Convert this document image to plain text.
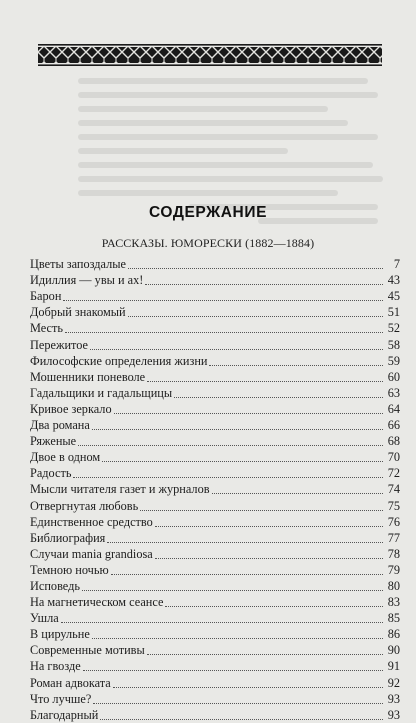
СОДЕРЖАНИЕ
РАССКАЗЫ. ЮМОРЕСКИ (1882—1884)
Цветы запоздалые	7
Идиллия — увы и ах!	43
Барон	45
Добрый знакомый	51
Месть	52
Пережитое	58
Философские определения жизни	59
Мошенники поневоле	60
Гадальщики и гадальщицы	63
Кривое зеркало	64
Два романа	66
Ряженые	68
Двое в одном	70
Радость	72
Мысли читателя газет и журналов	74
Отвергнутая любовь	75
Единственное средство	76
Библиография	77
Случаи mania grandiosa	78
Темною ночью	79
Исповедь	80
На магнетическом сеансе	83
Ушла	85
В цирульне	86
Современные мотивы	90
На гвозде	91
Роман адвоката	92
Что лучше?	93
Благодарный	93
